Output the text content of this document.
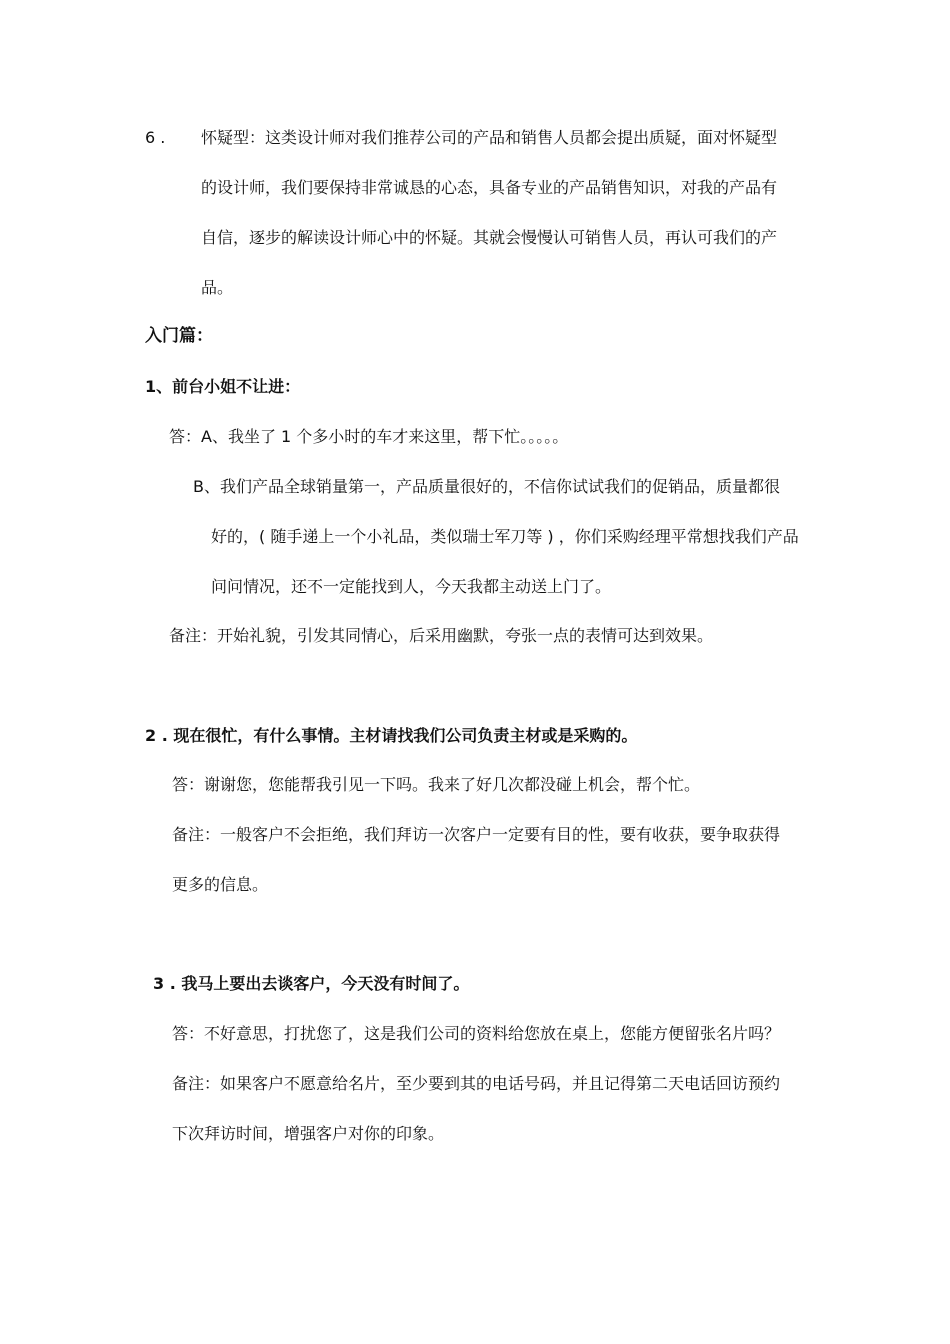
6 . 怀疑型：这类设计师对我们推荐公司的产品和销售人员都会提出质疑，面对怀疑型
的设计师，我们要保持非常诚恳的心态，具备专业的产品销售知识，对我的产品有
自信，逐步的解读设计师心中的怀疑。其就会慢慢认可销售人员，再认可我们的产
品。
入门篇：
1、前台小姐不让进：
答：A、我坐了 1 个多小时的车才来这里，帮下忙。。。。。
B、我们产品全球销量第一，产品质量很好的，不信你试试我们的促销品，质量都很
好的，( 随手递上一个小礼品，类似瑞士军刀等 ) ，你们采购经理平常想找我们产品
问问情况，还不一定能找到人，今天我都主动送上门了。
备注：开始礼貌，引发其同情心，后采用幽默，夸张一点的表情可达到效果。
2 . 现在很忙，有什么事情。主材请找我们公司负责主材或是采购的。
答：谢谢您，您能帮我引见一下吗。我来了好几次都没碰上机会，帮个忙。
备注：一般客户不会拒绝，我们拜访一次客户一定要有目的性，要有收获，要争取获得
更多的信息。
3 . 我马上要出去谈客户，今天没有时间了。
答：不好意思，打扰您了，这是我们公司的资料给您放在桌上，您能方便留张名片吗？
备注：如果客户不愿意给名片，至少要到其的电话号码，并且记得第二天电话回访预约
下次拜访时间，增强客户对你的印象。
